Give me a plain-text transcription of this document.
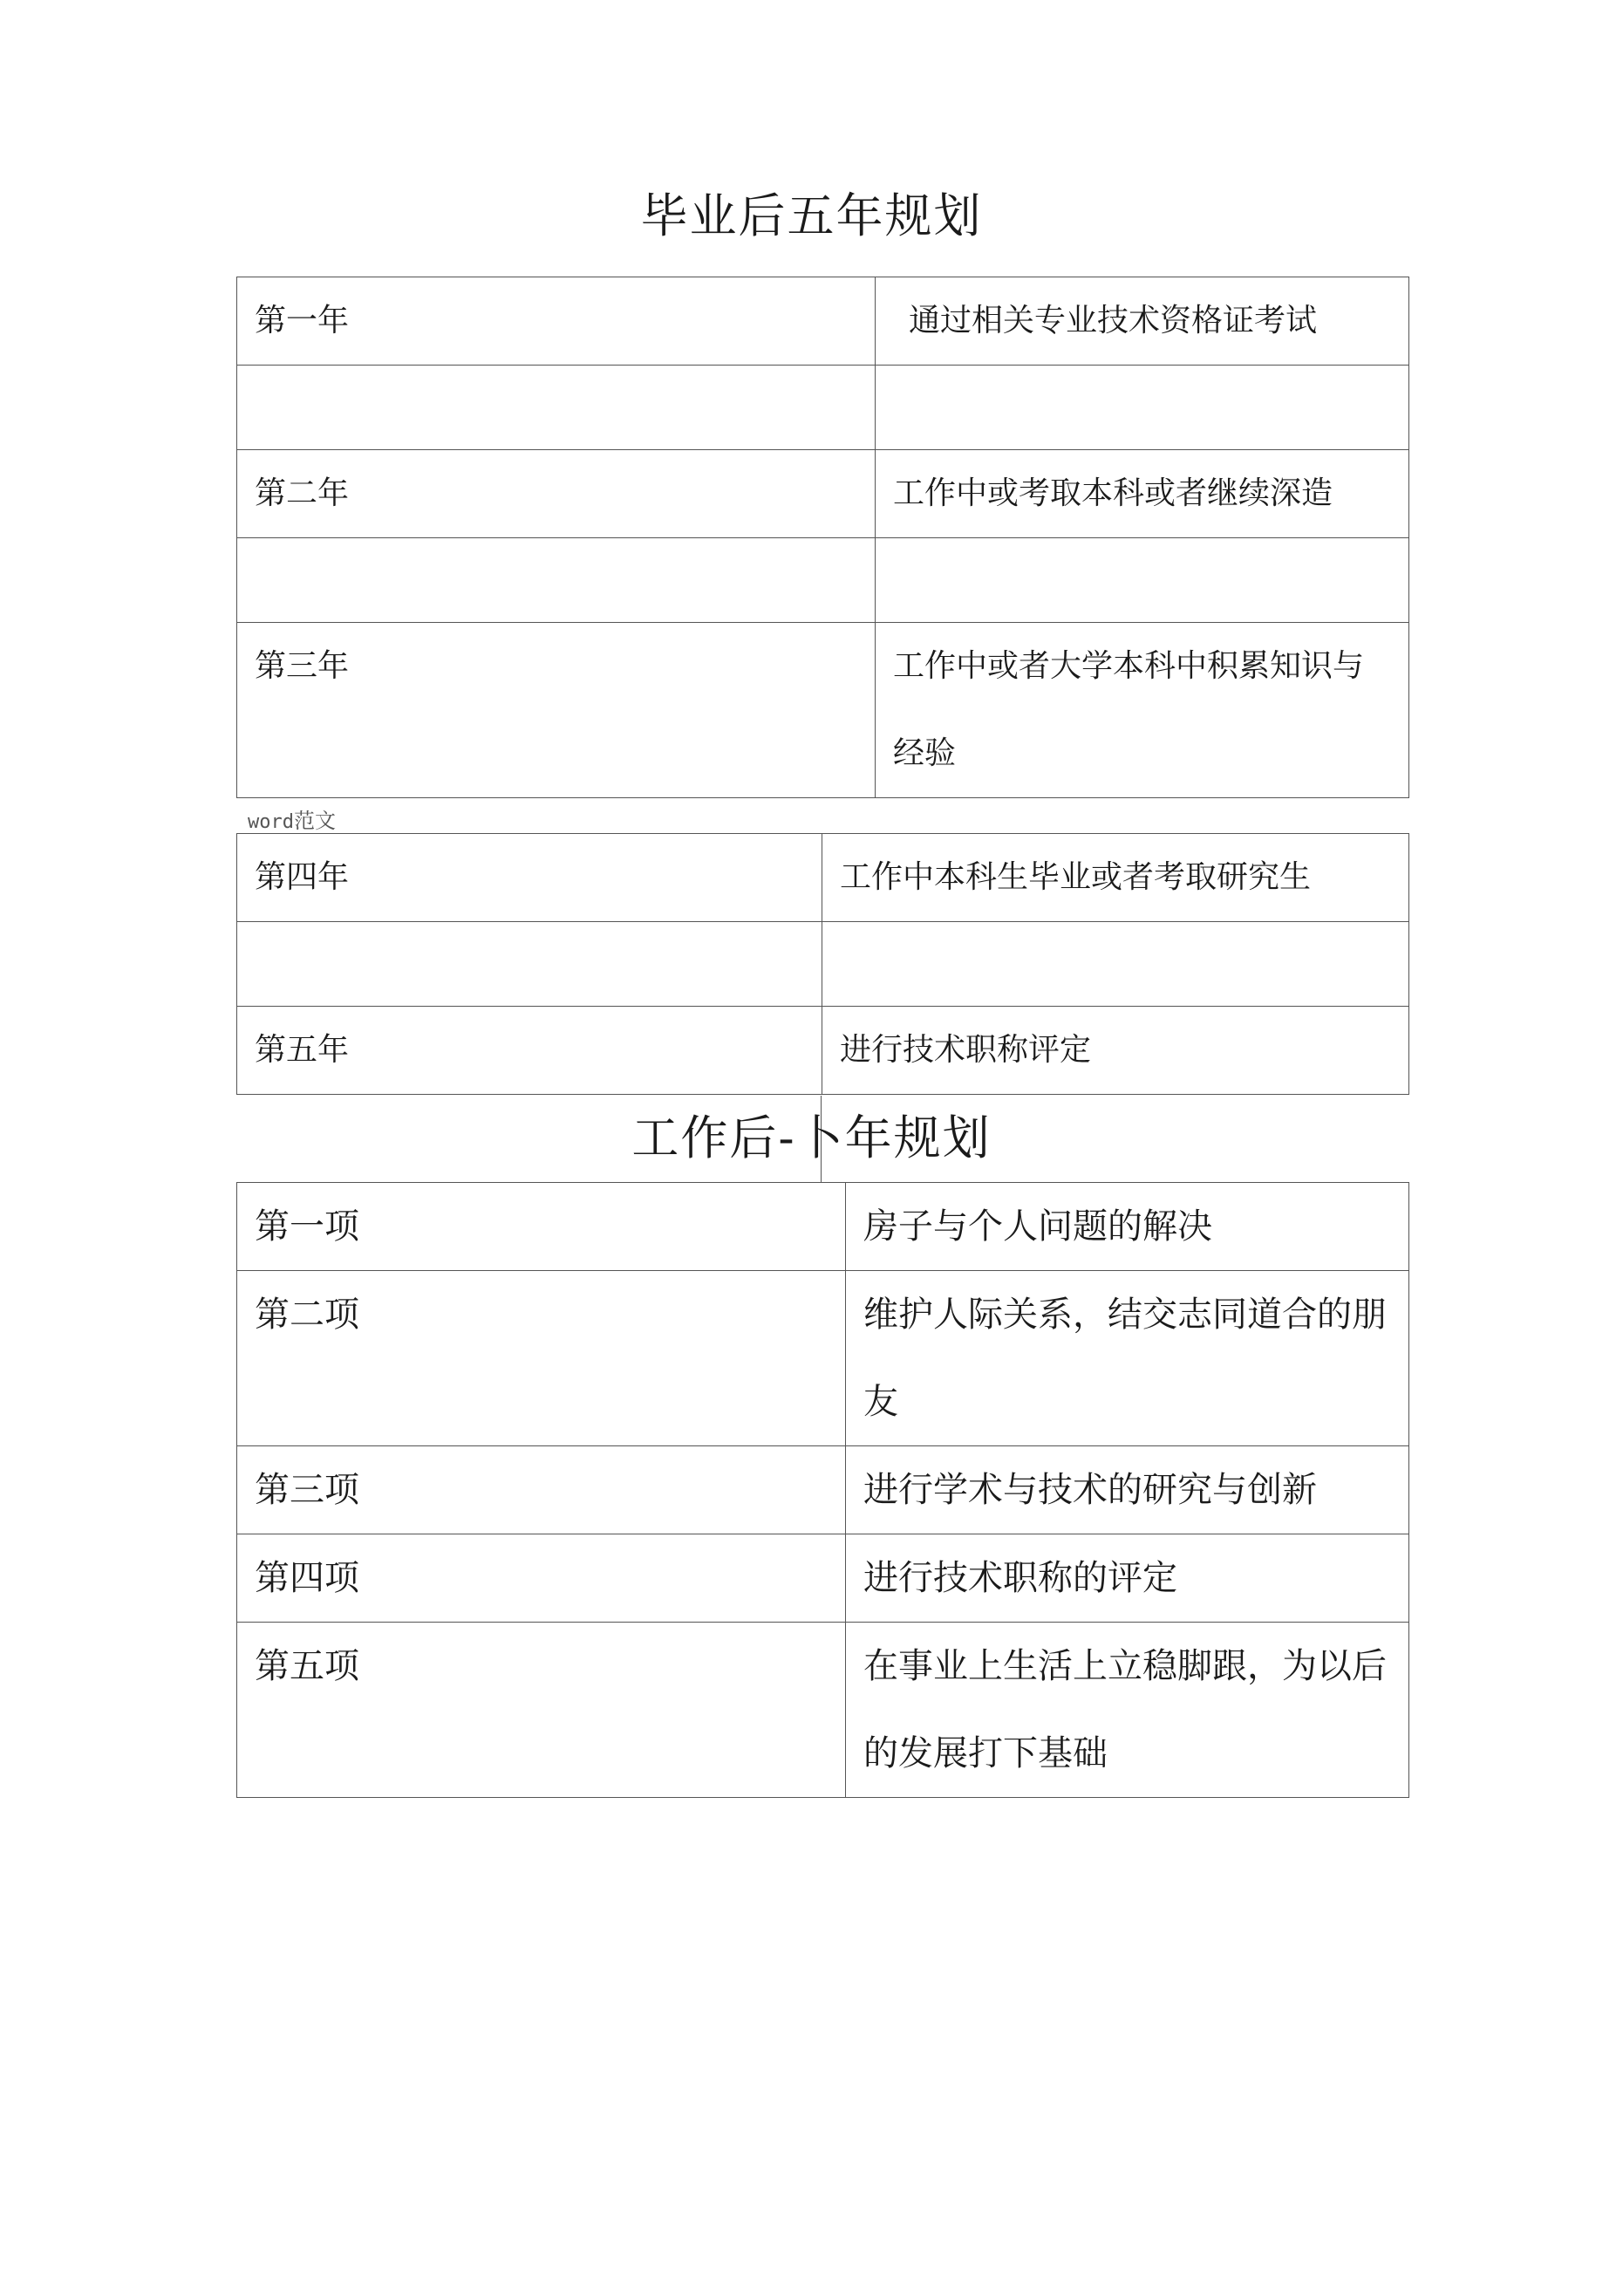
毕业后五年规划
第一年	通过相关专业技术资格证考试

第二年	工作中或考取本科或者继续深造

第三年	工作中或者大学本科中积累知识与经验
word范文
第四年	工作中本科生毕业或者考取研究生

第五年	进行技术职称评定
工作后-卜年规划
第一项	房子与个人问题的解决
第二项	维护人际关系，结交志同道合的朋友
第三项	进行学术与技术的研究与创新
第四项	进行技术职称的评定
第五项	在事业上生活上立稳脚跟，为以后的发展打下基础
